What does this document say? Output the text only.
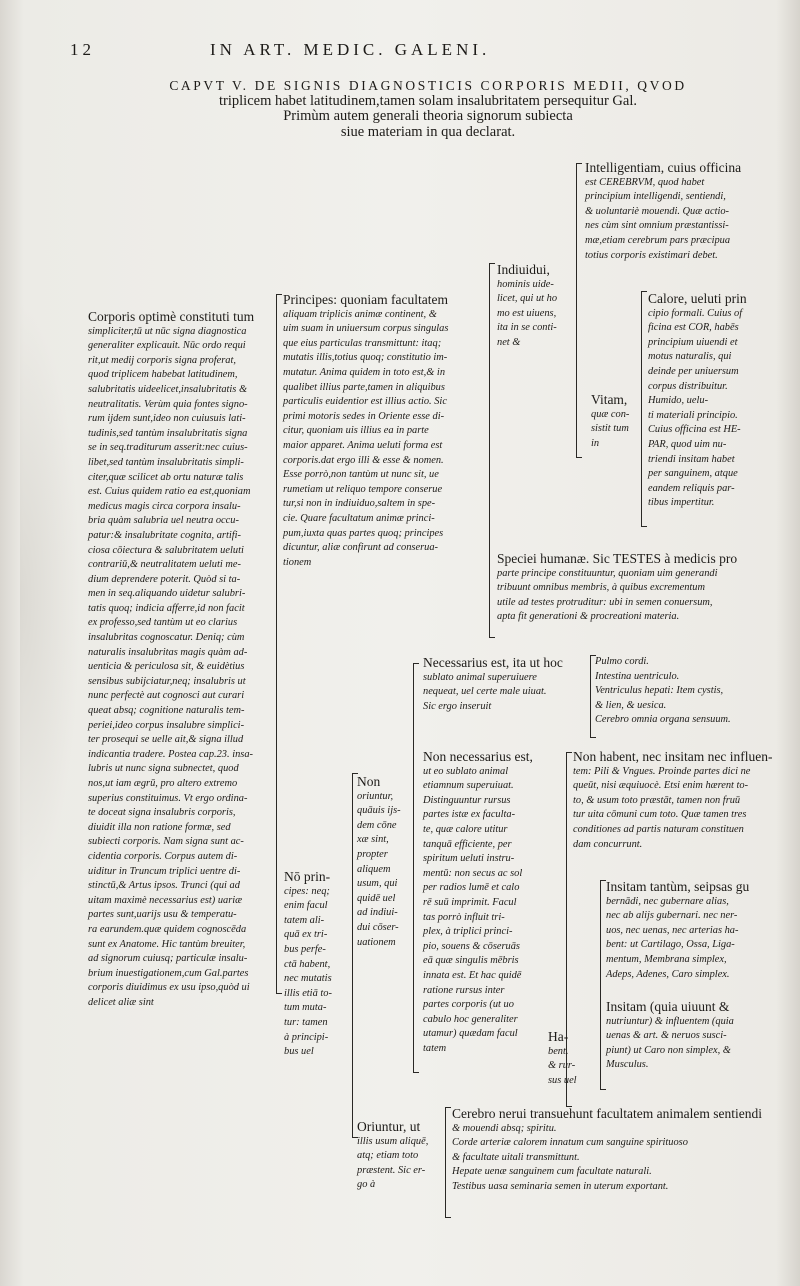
12	IN ART. MEDIC. GALENI.
CAPVT V. DE SIGNIS DIAGNOSTICIS CORPORIS MEDII, QVOD
triplicem habet latitudinem,tamen solam insalubritatem persequitur Gal.
Primùm autem generali theoria signorum subiecta
siue materiam in qua declarat.
Corporis optimè constituti tum
simpliciter,tū ut nūc signa diagnostica
generaliter explicauit. Nūc ordo requi
rit,ut medij corporis signa proferat,
quod triplicem habebat latitudinem,
salubritatis uideelicet,insalubritatis &
neutralitatis. Verùm quia fontes signo-
rum ijdem sunt,ideo non cuiusuis lati-
tudinis,sed tantùm insalubritatis signa
se in seq.traditurum asserit:nec cuius-
libet,sed tantùm insalubritatis simpli-
citer,quæ scilicet ab ortu naturæ talis
est. Cuius quidem ratio ea est,quoniam
medicus magis circa corpora insalu-
bria quàm salubria uel neutra occu-
patur:& insalubritate cognita, artifi-
ciosa cōiectura & salubritatem ueluti
contrariū,& neutralitatem ueluti me-
dium deprendere poterit. Quòd si ta-
men in seq.aliquando uidetur salubri-
tatis quoq; indicia afferre,id non facit
ex professo,sed tantùm ut eo clarius
insalubritas cognoscatur. Deniq; cùm
naturalis insalubritas magis quàm ad-
uenticia & periculosa sit, & euidètius
sensibus subijciatur,neq; insalubris ut
nunc perfectè aut cognosci aut curari
queat absq; cognitione naturalis tem-
periei,ideo corpus insalubre simplici-
ter prosequi se uelle ait,& signa illud
indicantia tradere. Postea cap.23. insa-
lubris ut nunc signa subnectet, quod
nos,ut iam ægrū, pro altero extremo
superius constituimus. Vt ergo ordina-
te doceat signa insalubris corporis,
diuidit illa non ratione formæ, sed
subiecti corporis. Nam signa sunt ac-
cidentia corporis. Corpus autem di-
uiditur in Truncum triplici uentre di-
stinctū,& Artus ipsos. Trunci (qui ad
uitam maximè necessarius est) uariæ
partes sunt,uarijs usu & temperatu-
ra earundem.quæ quidem cognoscēda
sunt ex Anatome. Hic tantùm breuiter,
ad signorum cuiusq; particulæ insalu-
brium inuestigationem,cum Gal.partes
corporis diuidimus ex usu ipso,quòd ui
delicet aliæ sint
Principes: quoniam facultatem
aliquam triplicis animæ continent, &
uim suam in uniuersum corpus singulas
que eius particulas transmittunt: itaq;
mutatis illis,totius quoq; constitutio im-
mutatur. Anima quidem in toto est,& in
qualibet illius parte,tamen in aliquibus
particulis euidentior est illius actio. Sic
primi motoris sedes in Oriente esse di-
citur, quoniam uis illius ea in parte
maior apparet. Anima ueluti forma est
corporis.dat ergo illi & esse & nomen.
Esse porrò,non tantùm ut nunc sit, ue
rumetiam ut reliquo tempore conserue
tur,si non in indiuiduo,saltem in spe-
cie. Quare facultatum animæ princi-
pum,iuxta quas partes quoq; principes
dicuntur, aliæ confirunt ad conserua-
tionem
Indiuidui,
hominis uide-
licet, qui ut ho
mo est uiuens,
ita in se conti-
net &
Intelligentiam, cuius officina
est CEREBRVM, quod habet
principium intelligendi, sentiendi,
& uoluntariè mouendi. Quæ actio-
nes cùm sint omnium præstantissi-
mæ,etiam cerebrum pars præcipua
totius corporis existimari debet.
Vitam,
quæ con-
sistit tum
in
Calore, ueluti prin
cipio formali. Cuius of
ficina est COR, habēs
principium uiuendi et
motus naturalis, qui
deinde per uniuersum
corpus distribuitur.
Humido, uelu-
ti materiali principio.
Cuius officina est HE-
PAR, quod uim nu-
triendi insitam habet
per sanguinem, atque
eandem reliquis par-
tibus impertitur.
Speciei humanæ. Sic TESTES à medicis pro
parte principe constituuntur, quoniam uim generandi
tribuunt omnibus membris, à quibus excrementum
utile ad testes protruditur: ubi in semen conuersum,
apta fit generationi & procreationi materia.
Necessarius est, ita ut hoc
sublato animal superuiuere
nequeat, uel certe male uiuat.
Sic ergo inseruit
Pulmo cordi.
Intestina uentriculo.
Ventriculus hepati: Item cystis,
& lien, & uesica.
Cerebro omnia organa sensuum.
Non necessarius est,
ut eo sublato animal
etiamnum superuiuat.
Distinguuntur rursus
partes istæ ex faculta-
te, quæ calore utitur
tanquā efficiente, per
spiritum ueluti instru-
mentū: non secus ac sol
per radios lumē et calo
rē suū imprimit. Facul
tas porrò influit tri-
plex, à triplici princi-
pio, souens & cōseruās
eā quæ singulis mēbris
innata est. Et hac quidē
ratione rursus inter
partes corporis (ut uo
cabulo hoc generaliter
utamur) quædam facul
tatem
Non habent, nec insitam nec influen-
tem: Pili & Vngues. Proinde partes dici ne
queūt, nisi æquiuocè. Etsi enim hærent to-
to, & usum toto præstāt, tamen non fruū
tur uita cōmuni cum toto. Quæ tamen tres
conditiones ad partis naturam constituen
dam concurrunt.
Non
oriuntur,
quāuis ijs-
dem cōne
xæ sint,
propter
aliquem
usum, qui
quidē uel
ad indiui-
dui cōser-
uationem
Nō prin-
cipes: neq;
enim facul
tatem ali-
quā ex tri-
bus perfe-
ctā habent,
nec mutatis
illis etiā to-
tum muta-
tur: tamen
à principi-
bus uel
Ha-
bent.
& rur-
sus uel
Insitam tantùm, seipsas gu
bernādi, nec gubernare alias,
nec ab alijs gubernari. nec ner-
uos, nec uenas, nec arterias ha-
bent: ut Cartilago, Ossa, Liga-
mentum, Membrana simplex,
Adeps, Adenes, Caro simplex.
Insitam (quia uiuunt &
nutriuntur) & influentem (quia
uenas & art. & neruos susci-
piunt) ut Caro non simplex, &
Musculus.
Oriuntur, ut
illis usum aliquē,
atq; etiam toto
præstent. Sic er-
go à
Cerebro nerui transuehunt facultatem animalem sentiendi
& mouendi absq; spiritu.
Corde arteriæ calorem innatum cum sanguine spirituoso
& facultate uitali transmittunt.
Hepate uenæ sanguinem cum facultate naturali.
Testibus uasa seminaria semen in uterum exportant.
